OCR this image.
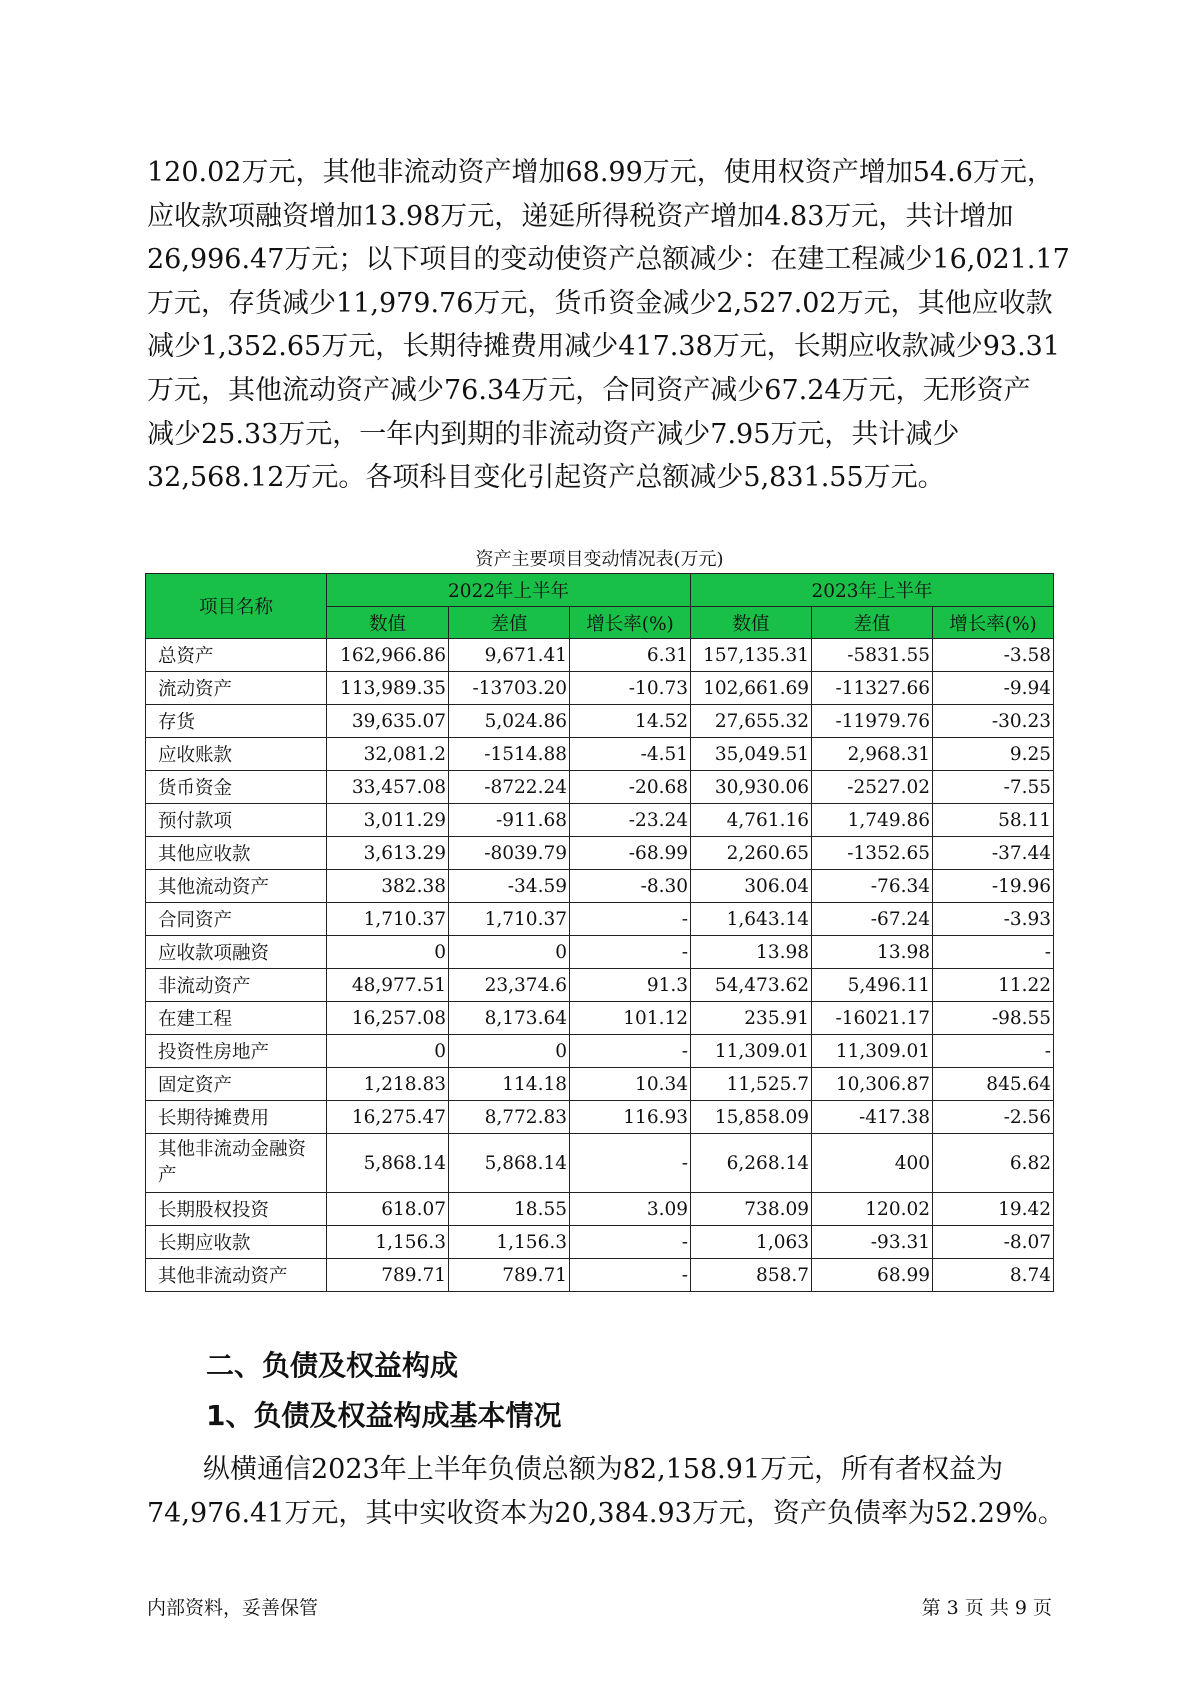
120.02万元，其他非流动资产增加68.99万元，使用权资产增加54.6万元，
应收款项融资增加13.98万元，递延所得税资产增加4.83万元，共计增加
26,996.47万元；以下项目的变动使资产总额减少：在建工程减少16,021.17
万元，存货减少11,979.76万元，货币资金减少2,527.02万元，其他应收款
减少1,352.65万元，长期待摊费用减少417.38万元，长期应收款减少93.31
万元，其他流动资产减少76.34万元，合同资产减少67.24万元，无形资产
减少25.33万元，一年内到期的非流动资产减少7.95万元，共计减少
32,568.12万元。各项科目变化引起资产总额减少5,831.55万元。
资产主要项目变动情况表(万元)
项目名称	2022年上半年			2023年上半年		
	数值	差值	增长率(%)	数值	差值	增长率(%)
总资产	162,966.86	9,671.41	6.31	157,135.31	-5831.55	-3.58
流动资产	113,989.35	-13703.20	-10.73	102,661.69	-11327.66	-9.94
存货	39,635.07	5,024.86	14.52	27,655.32	-11979.76	-30.23
应收账款	32,081.2	-1514.88	-4.51	35,049.51	2,968.31	9.25
货币资金	33,457.08	-8722.24	-20.68	30,930.06	-2527.02	-7.55
预付款项	3,011.29	-911.68	-23.24	4,761.16	1,749.86	58.11
其他应收款	3,613.29	-8039.79	-68.99	2,260.65	-1352.65	-37.44
其他流动资产	382.38	-34.59	-8.30	306.04	-76.34	-19.96
合同资产	1,710.37	1,710.37	-	1,643.14	-67.24	-3.93
应收款项融资	0	0	-	13.98	13.98	-
非流动资产	48,977.51	23,374.6	91.3	54,473.62	5,496.11	11.22
在建工程	16,257.08	8,173.64	101.12	235.91	-16021.17	-98.55
投资性房地产	0	0	-	11,309.01	11,309.01	-
固定资产	1,218.83	114.18	10.34	11,525.7	10,306.87	845.64
长期待摊费用	16,275.47	8,772.83	116.93	15,858.09	-417.38	-2.56
其他非流动金融资产	5,868.14	5,868.14	-	6,268.14	400	6.82
长期股权投资	618.07	18.55	3.09	738.09	120.02	19.42
长期应收款	1,156.3	1,156.3	-	1,063	-93.31	-8.07
其他非流动资产	789.71	789.71	-	858.7	68.99	8.74
二、负债及权益构成
1、负债及权益构成基本情况
纵横通信2023年上半年负债总额为82,158.91万元，所有者权益为
74,976.41万元，其中实收资本为20,384.93万元，资产负债率为52.29%。
内部资料，妥善保管	第 3 页 共 9 页
